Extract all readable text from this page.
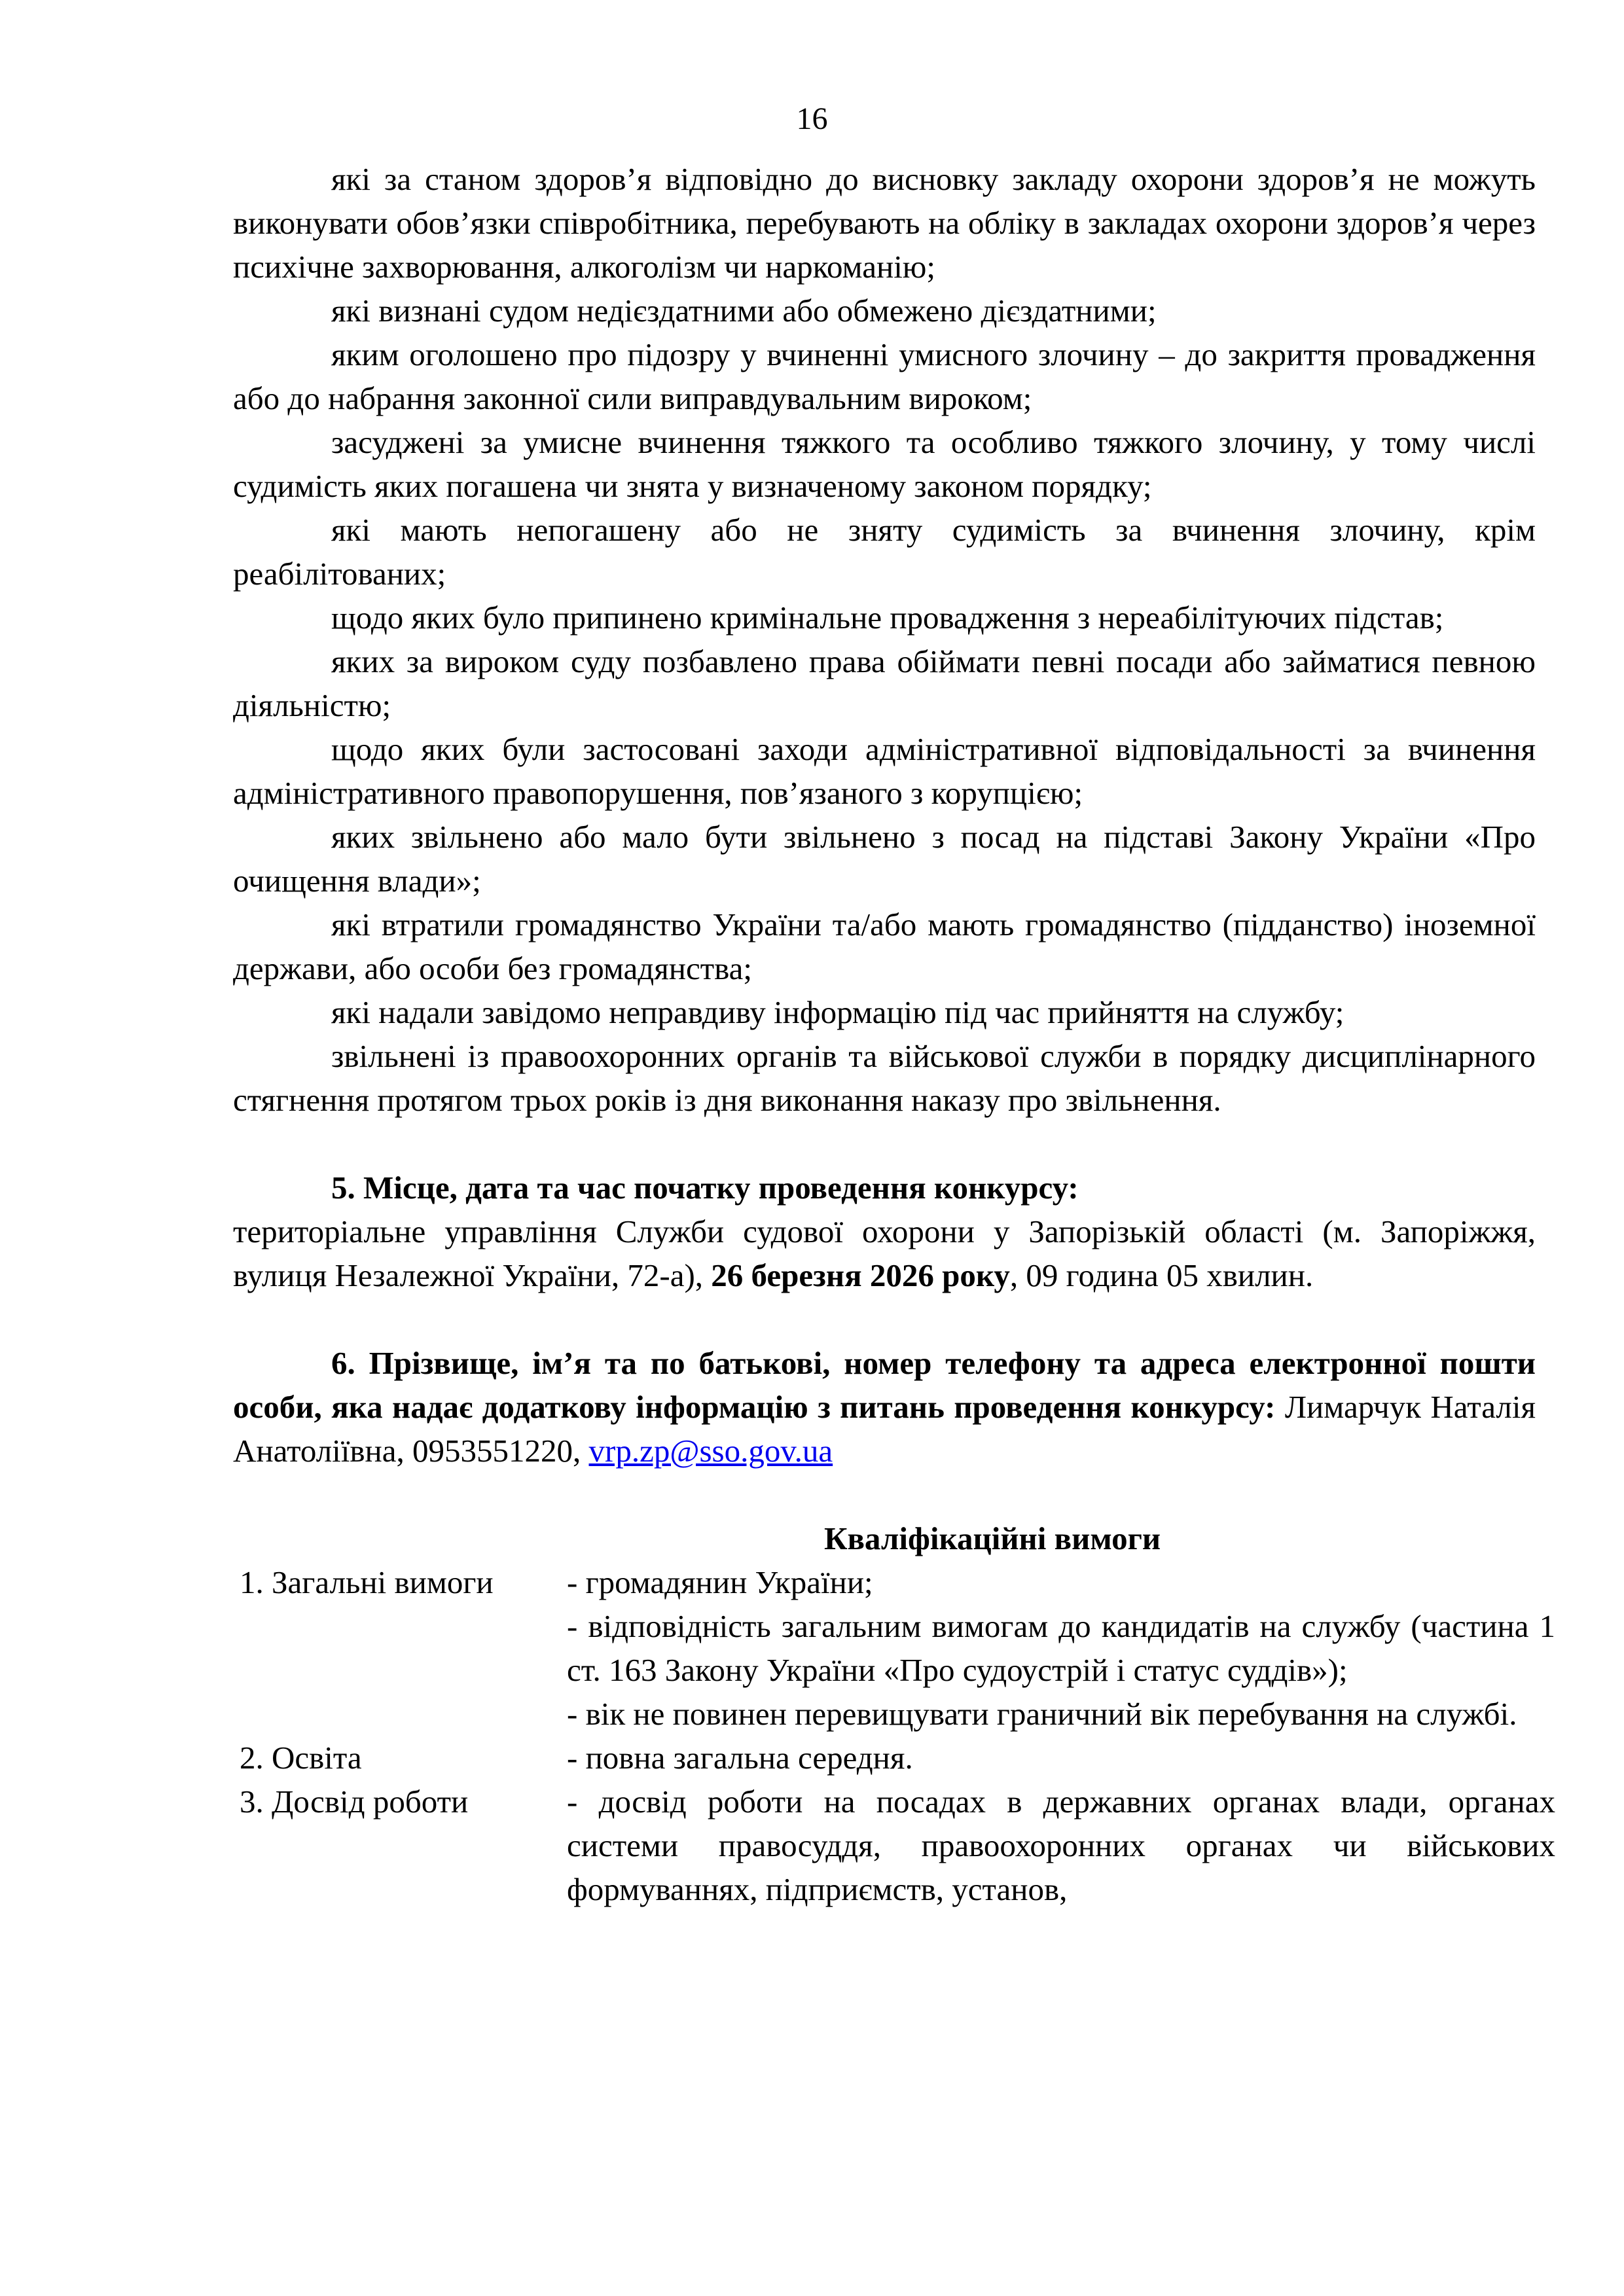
16

які за станом здоров’я відповідно до висновку закладу охорони здоров’я не можуть виконувати обов’язки співробітника, перебувають на обліку в закладах охорони здоров’я через психічне захворювання, алкоголізм чи наркоманію;

які визнані судом недієздатними або обмежено дієздатними;

яким оголошено про підозру у вчиненні умисного злочину – до закриття провадження або до набрання законної сили виправдувальним вироком;

засуджені за умисне вчинення тяжкого та особливо тяжкого злочину, у тому числі судимість яких погашена чи знята у визначеному законом порядку;

які мають непогашену або не зняту судимість за вчинення злочину, крім реабілітованих;

щодо яких було припинено кримінальне провадження з нереабілітуючих підстав;

яких за вироком суду позбавлено права обіймати певні посади або займатися певною діяльністю;

щодо яких були застосовані заходи адміністративної відповідальності за вчинення адміністративного правопорушення, пов’язаного з корупцією;

яких звільнено або мало бути звільнено з посад на підставі Закону України «Про очищення влади»;

які втратили громадянство України та/або мають громадянство (підданство) іноземної держави, або особи без громадянства;

які надали завідомо неправдиву інформацію під час прийняття на службу;

звільнені із правоохоронних органів та військової служби в порядку дисциплінарного стягнення протягом трьох років із дня виконання наказу про звільнення.

5. Місце, дата та час початку проведення конкурсу:

територіальне управління Служби судової охорони у Запорізькій області (м. Запоріжжя, вулиця Незалежної України, 72-а), 26 березня 2026 року, 09 година 05 хвилин.

6. Прізвище, ім’я та по батькові, номер телефону та адреса електронної пошти особи, яка надає додаткову інформацію з питань проведення конкурсу: Лимарчук Наталія Анатоліївна, 0953551220, vrp.zp@sso.gov.ua

Кваліфікаційні вимоги

1. Загальні вимоги	- громадянин України;

- відповідність загальним вимогам до кандидатів на службу (частина 1 ст. 163 Закону України «Про судоустрій і статус суддів»);

- вік не повинен перевищувати граничний вік перебування на службі.

2. Освіта	- повна загальна середня.

3. Досвід роботи	- досвід роботи на посадах в державних органах влади, органах системи правосуддя, правоохоронних органах чи військових формуваннях, підприємств, установ,
